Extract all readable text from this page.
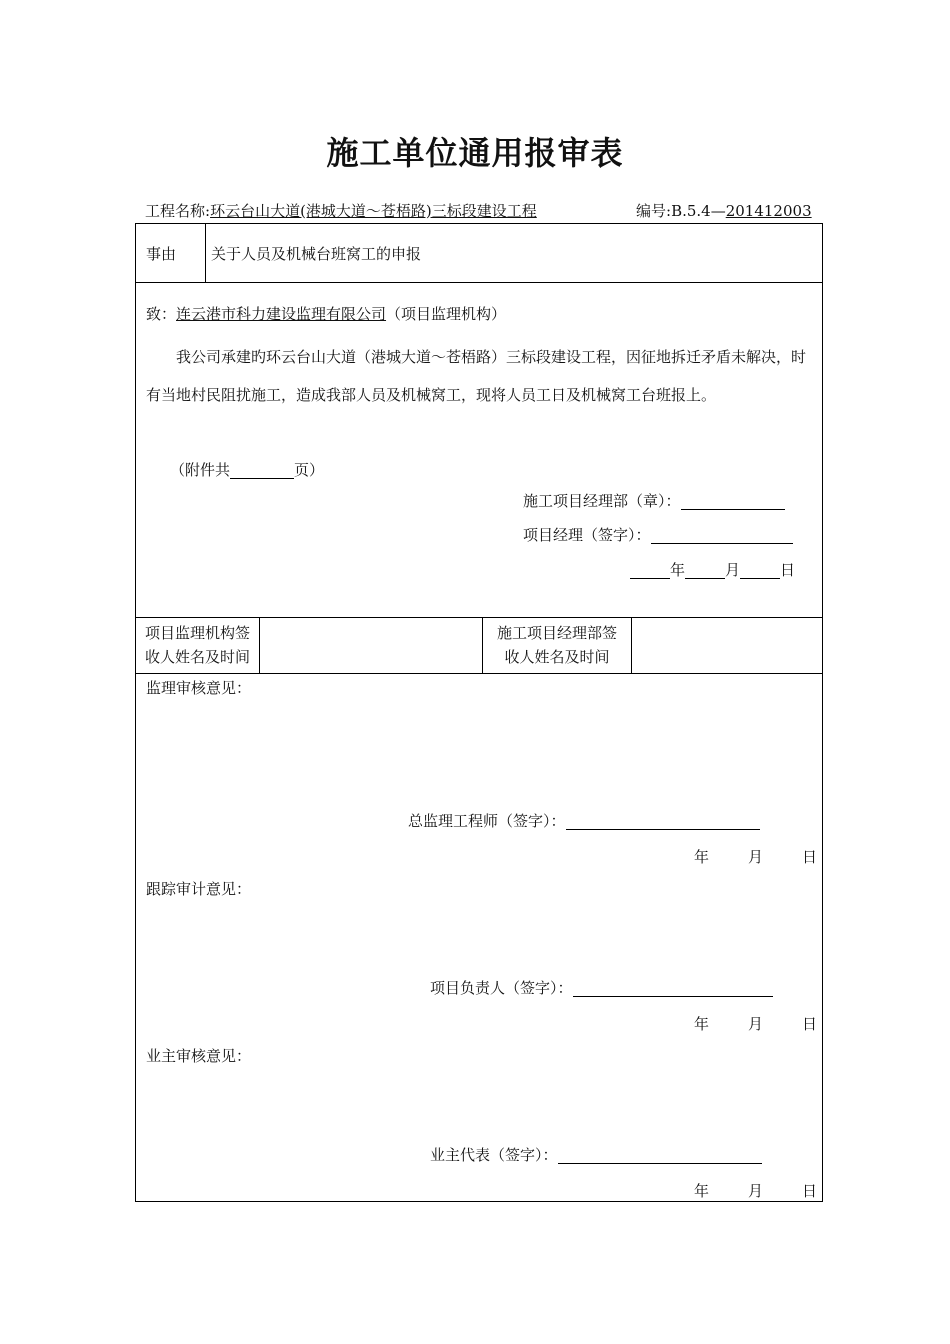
施工单位通用报审表
工程名称:环云台山大道(港城大道～苍梧路)三标段建设工程	编号:B.5.4—201412003
事由 关于人员及机械台班窝工的申报
致：连云港市科力建设监理有限公司（项目监理机构）
我公司承建旳环云台山大道（港城大道～苍梧路）三标段建设工程，因征地拆迁矛盾未解决，时有当地村民阻扰施工，造成我部人员及机械窝工，现将人员工日及机械窝工台班报上。
（附件共	页）
施工项目经理部（章）：
项目经理（签字）：
年	月	日
项目监理机构签
收人姓名及时间
施工项目经理部签
收人姓名及时间
监理审核意见：
总监理工程师（签字）：
年	月	日
跟踪审计意见：
项目负责人（签字）：
年	月	日
业主审核意见：
业主代表（签字）：
年	月	日
